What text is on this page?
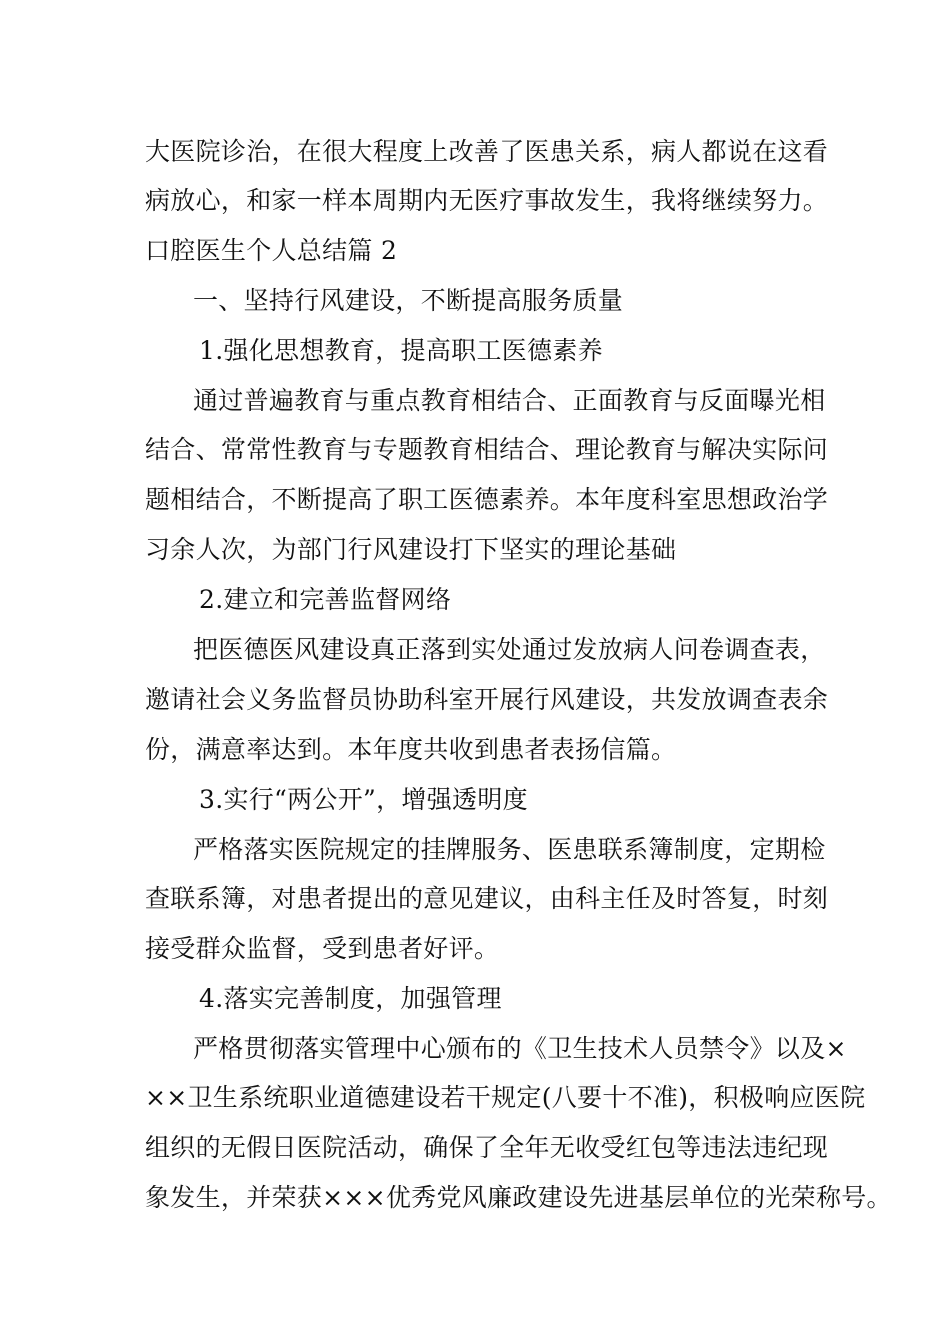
大医院诊治，在很大程度上改善了医患关系，病人都说在这看
病放心，和家一样本周期内无医疗事故发生，我将继续努力。
口腔医生个人总结篇 2
一、坚持行风建设，不断提高服务质量
1.强化思想教育，提高职工医德素养
通过普遍教育与重点教育相结合、正面教育与反面曝光相
结合、常常性教育与专题教育相结合、理论教育与解决实际问
题相结合，不断提高了职工医德素养。本年度科室思想政治学
习余人次，为部门行风建设打下坚实的理论基础
2.建立和完善监督网络
把医德医风建设真正落到实处通过发放病人问卷调查表，
邀请社会义务监督员协助科室开展行风建设，共发放调查表余
份，满意率达到。本年度共收到患者表扬信篇。
3.实行“两公开”，增强透明度
严格落实医院规定的挂牌服务、医患联系簿制度，定期检
查联系簿，对患者提出的意见建议，由科主任及时答复，时刻
接受群众监督，受到患者好评。
4.落实完善制度，加强管理
严格贯彻落实管理中心颁布的《卫生技术人员禁令》以及×
××卫生系统职业道德建设若干规定(八要十不准)，积极响应医院
组织的无假日医院活动，确保了全年无收受红包等违法违纪现
象发生，并荣获×××优秀党风廉政建设先进基层单位的光荣称号。
